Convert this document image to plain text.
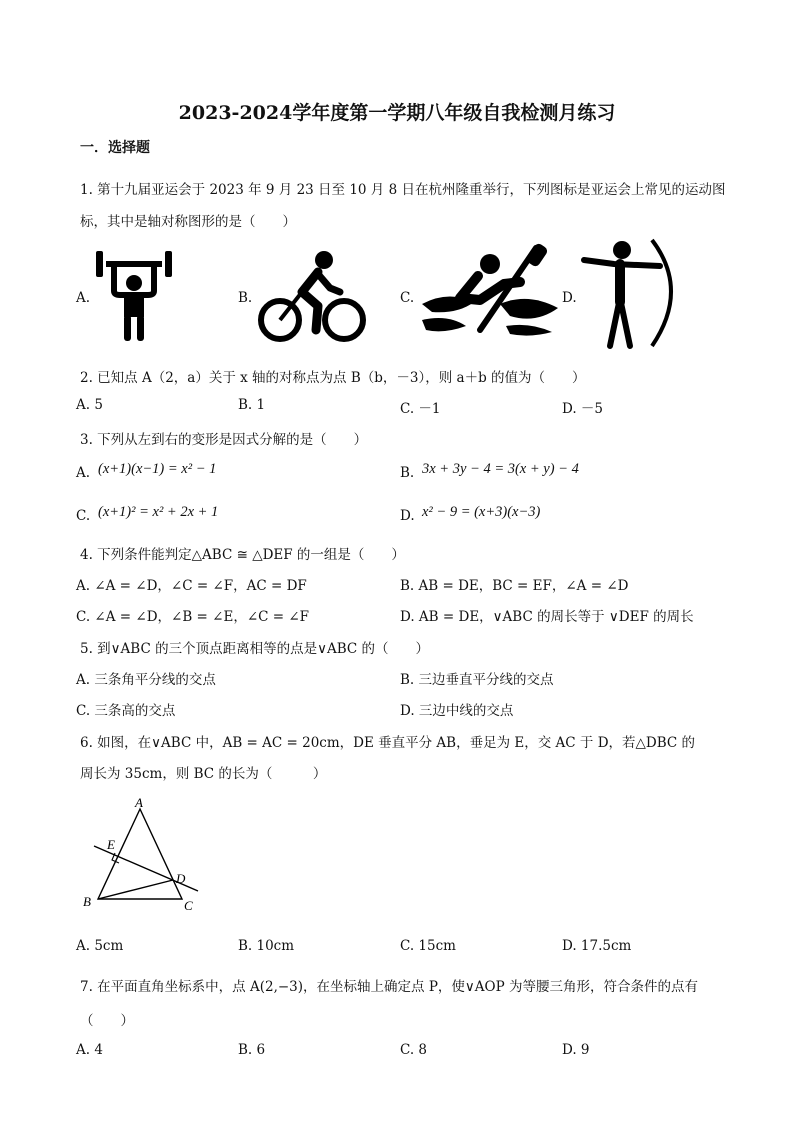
2023-2024学年度第一学期八年级自我检测月练习
一．选择题
1. 第十九届亚运会于 2023 年 9 月 23 日至 10 月 8 日在杭州隆重举行，下列图标是亚运会上常见的运动图
标，其中是轴对称图形的是（　　）
A.	B.	C.	D.
2. 已知点 A（2，a）关于 x 轴的对称点为点 B（b，－3），则 a＋b 的值为（　　）
A. 5	B. 1	C. －1	D. －5
3. 下列从左到右的变形是因式分解的是（　　）
A. (x+1)(x−1) = x² − 1	B. 3x + 3y − 4 = 3(x + y) − 4
C. (x+1)² = x² + 2x + 1	D. x² − 9 = (x+3)(x−3)
4. 下列条件能判定△ABC ≅ △DEF 的一组是（　　）
A. ∠A = ∠D，∠C = ∠F，AC = DF	B. AB = DE，BC = EF，∠A = ∠D
C. ∠A = ∠D，∠B = ∠E，∠C = ∠F	D. AB = DE，∨ABC 的周长等于 ∨DEF 的周长
5. 到∨ABC 的三个顶点距离相等的点是∨ABC 的（　　）
A. 三条角平分线的交点	B. 三边垂直平分线的交点
C. 三条高的交点	D. 三边中线的交点
6. 如图，在∨ABC 中，AB = AC = 20cm，DE 垂直平分 AB，垂足为 E，交 AC 于 D，若△DBC 的
周长为 35cm，则 BC 的长为（　　　）
A
E
D
B	C
A. 5cm	B. 10cm	C. 15cm	D. 17.5cm
7. 在平面直角坐标系中，点 A(2,−3)，在坐标轴上确定点 P，使∨AOP 为等腰三角形，符合条件的点有
（　　）
A. 4	B. 6	C. 8	D. 9
